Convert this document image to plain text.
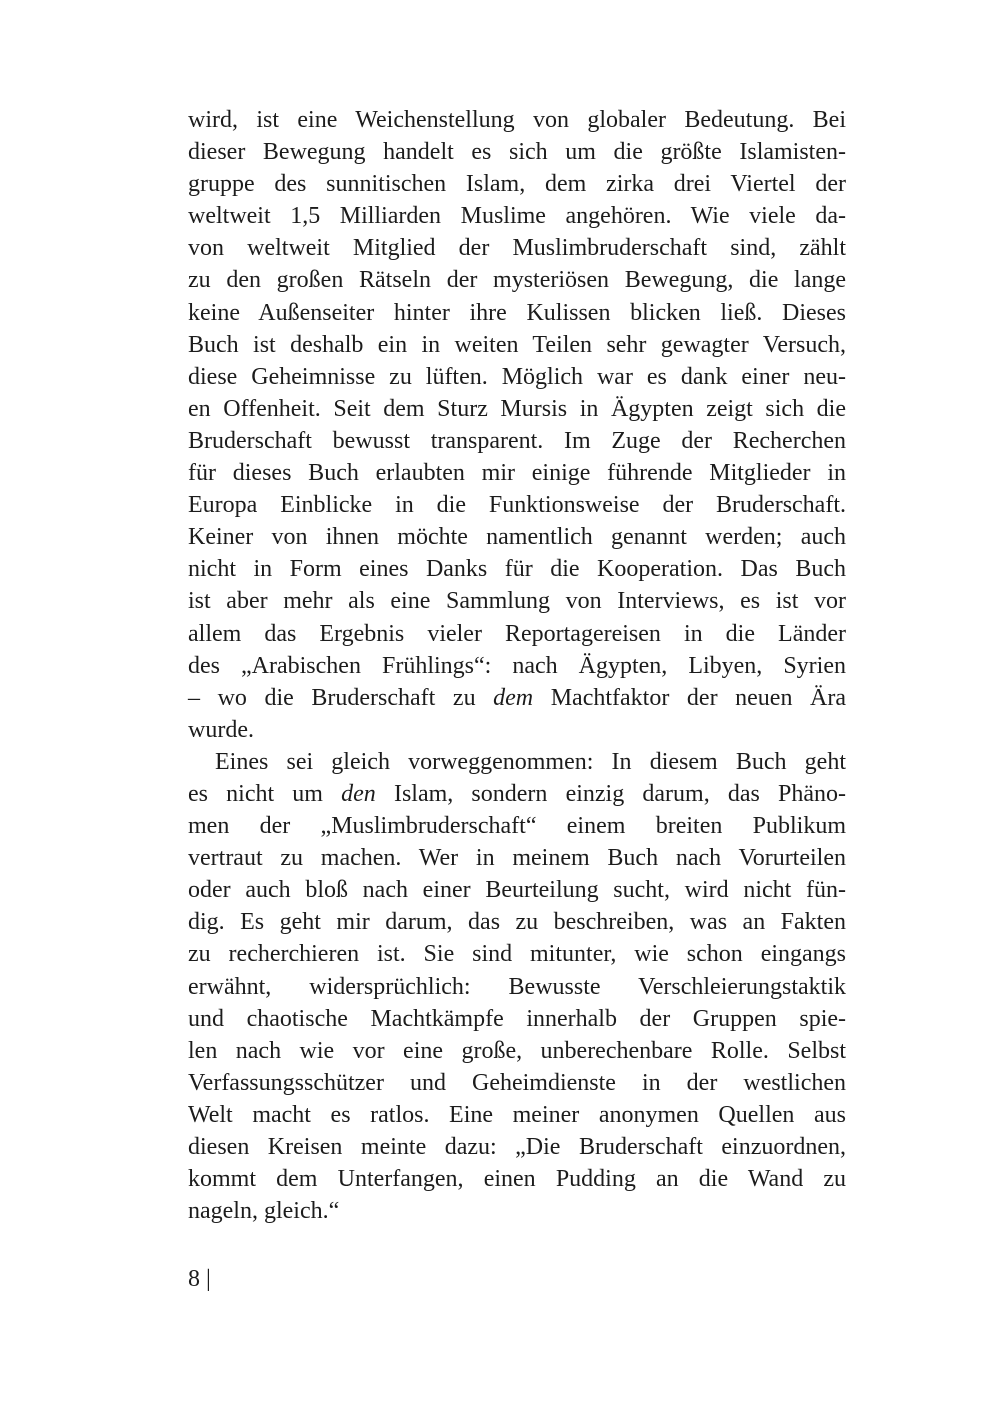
wird, ist eine Weichenstellung von globaler Bedeutung. Bei
dieser Bewegung handelt es sich um die größte Islamisten-
gruppe des sunnitischen Islam, dem zirka drei Viertel der
weltweit 1,5 Milliarden Muslime angehören. Wie viele da-
von weltweit Mitglied der Muslimbruderschaft sind, zählt
zu den großen Rätseln der mysteriösen Bewegung, die lange
keine Außenseiter hinter ihre Kulissen blicken ließ. Dieses
Buch ist deshalb ein in weiten Teilen sehr gewagter Versuch,
diese Geheimnisse zu lüften. Möglich war es dank einer neu-
en Offenheit. Seit dem Sturz Mursis in Ägypten zeigt sich die
Bruderschaft bewusst transparent. Im Zuge der Recherchen
für dieses Buch erlaubten mir einige führende Mitglieder in
Europa Einblicke in die Funktionsweise der Bruderschaft.
Keiner von ihnen möchte namentlich genannt werden; auch
nicht in Form eines Danks für die Kooperation. Das Buch
ist aber mehr als eine Sammlung von Interviews, es ist vor
allem das Ergebnis vieler Reportagereisen in die Länder
des „Arabischen Frühlings“: nach Ägypten, Libyen, Syrien
– wo die Bruderschaft zu dem Machtfaktor der neuen Ära
wurde.
Eines sei gleich vorweggenommen: In diesem Buch geht
es nicht um den Islam, sondern einzig darum, das Phäno-
men der „Muslimbruderschaft“ einem breiten Publikum
vertraut zu machen. Wer in meinem Buch nach Vorurteilen
oder auch bloß nach einer Beurteilung sucht, wird nicht fün-
dig. Es geht mir darum, das zu beschreiben, was an Fakten
zu recherchieren ist. Sie sind mitunter, wie schon eingangs
erwähnt, widersprüchlich: Bewusste Verschleierungstaktik
und chaotische Machtkämpfe innerhalb der Gruppen spie-
len nach wie vor eine große, unberechenbare Rolle. Selbst
Verfassungsschützer und Geheimdienste in der westlichen
Welt macht es ratlos. Eine meiner anonymen Quellen aus
diesen Kreisen meinte dazu: „Die Bruderschaft einzuordnen,
kommt dem Unterfangen, einen Pudding an die Wand zu
nageln, gleich.“
8 |
